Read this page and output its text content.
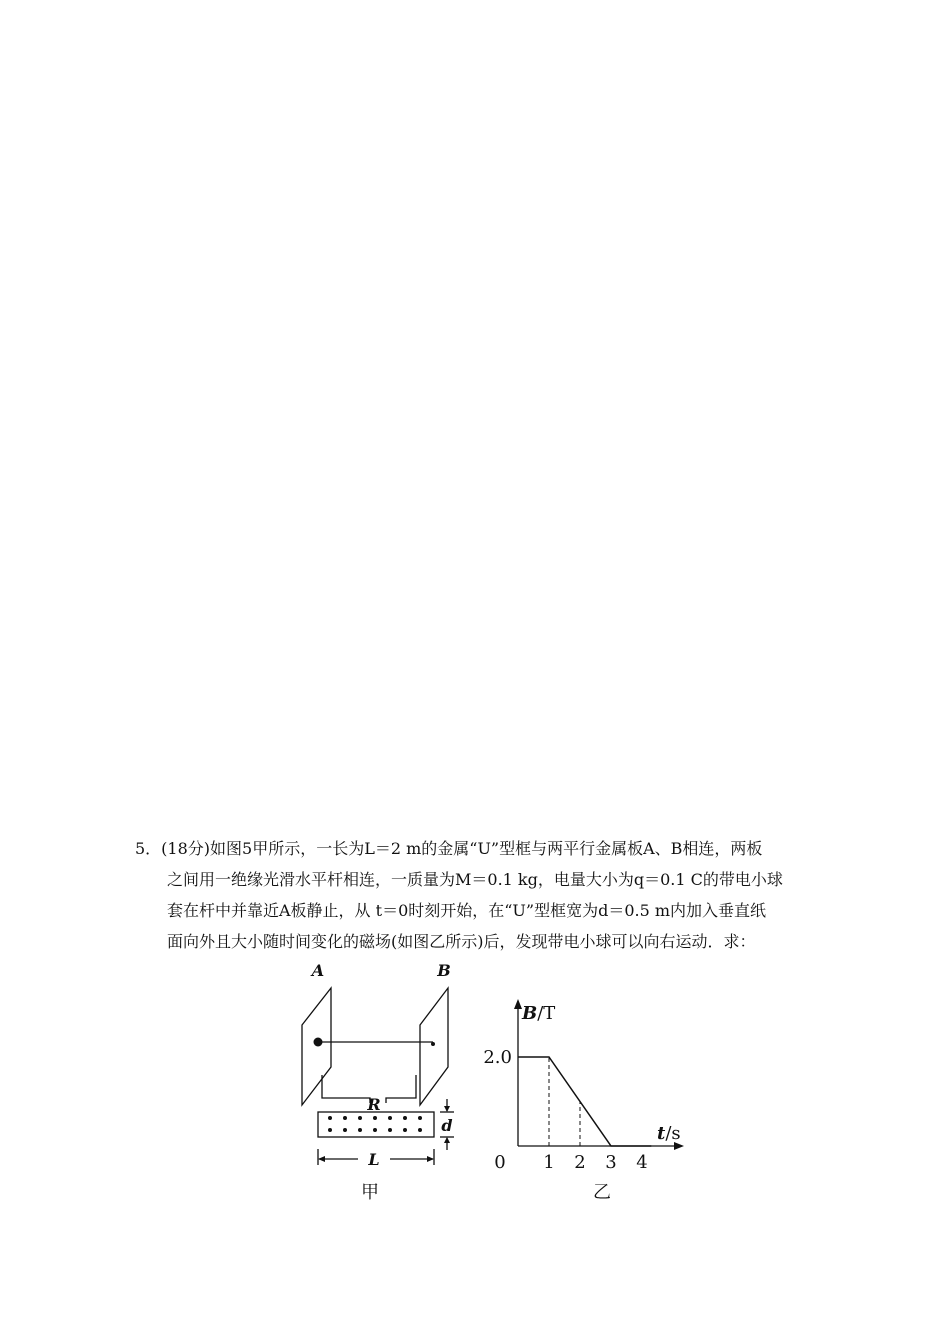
5．(18分)如图5甲所示，一长为L＝2 m的金属“U”型框与两平行金属板A、B相连，两板
之间用一绝缘光滑水平杆相连，一质量为M＝0.1 kg，电量大小为q＝0.1 C的带电小球
套在杆中并靠近A板静止，从 t＝0时刻开始，在“U”型框宽为d＝0.5 m内加入垂直纸
面向外且大小随时间变化的磁场(如图乙所示)后，发现带电小球可以向右运动．求：
A	B
R
d
L
甲
0 1 2 3 4
2.0
B/T
t/s
乙
